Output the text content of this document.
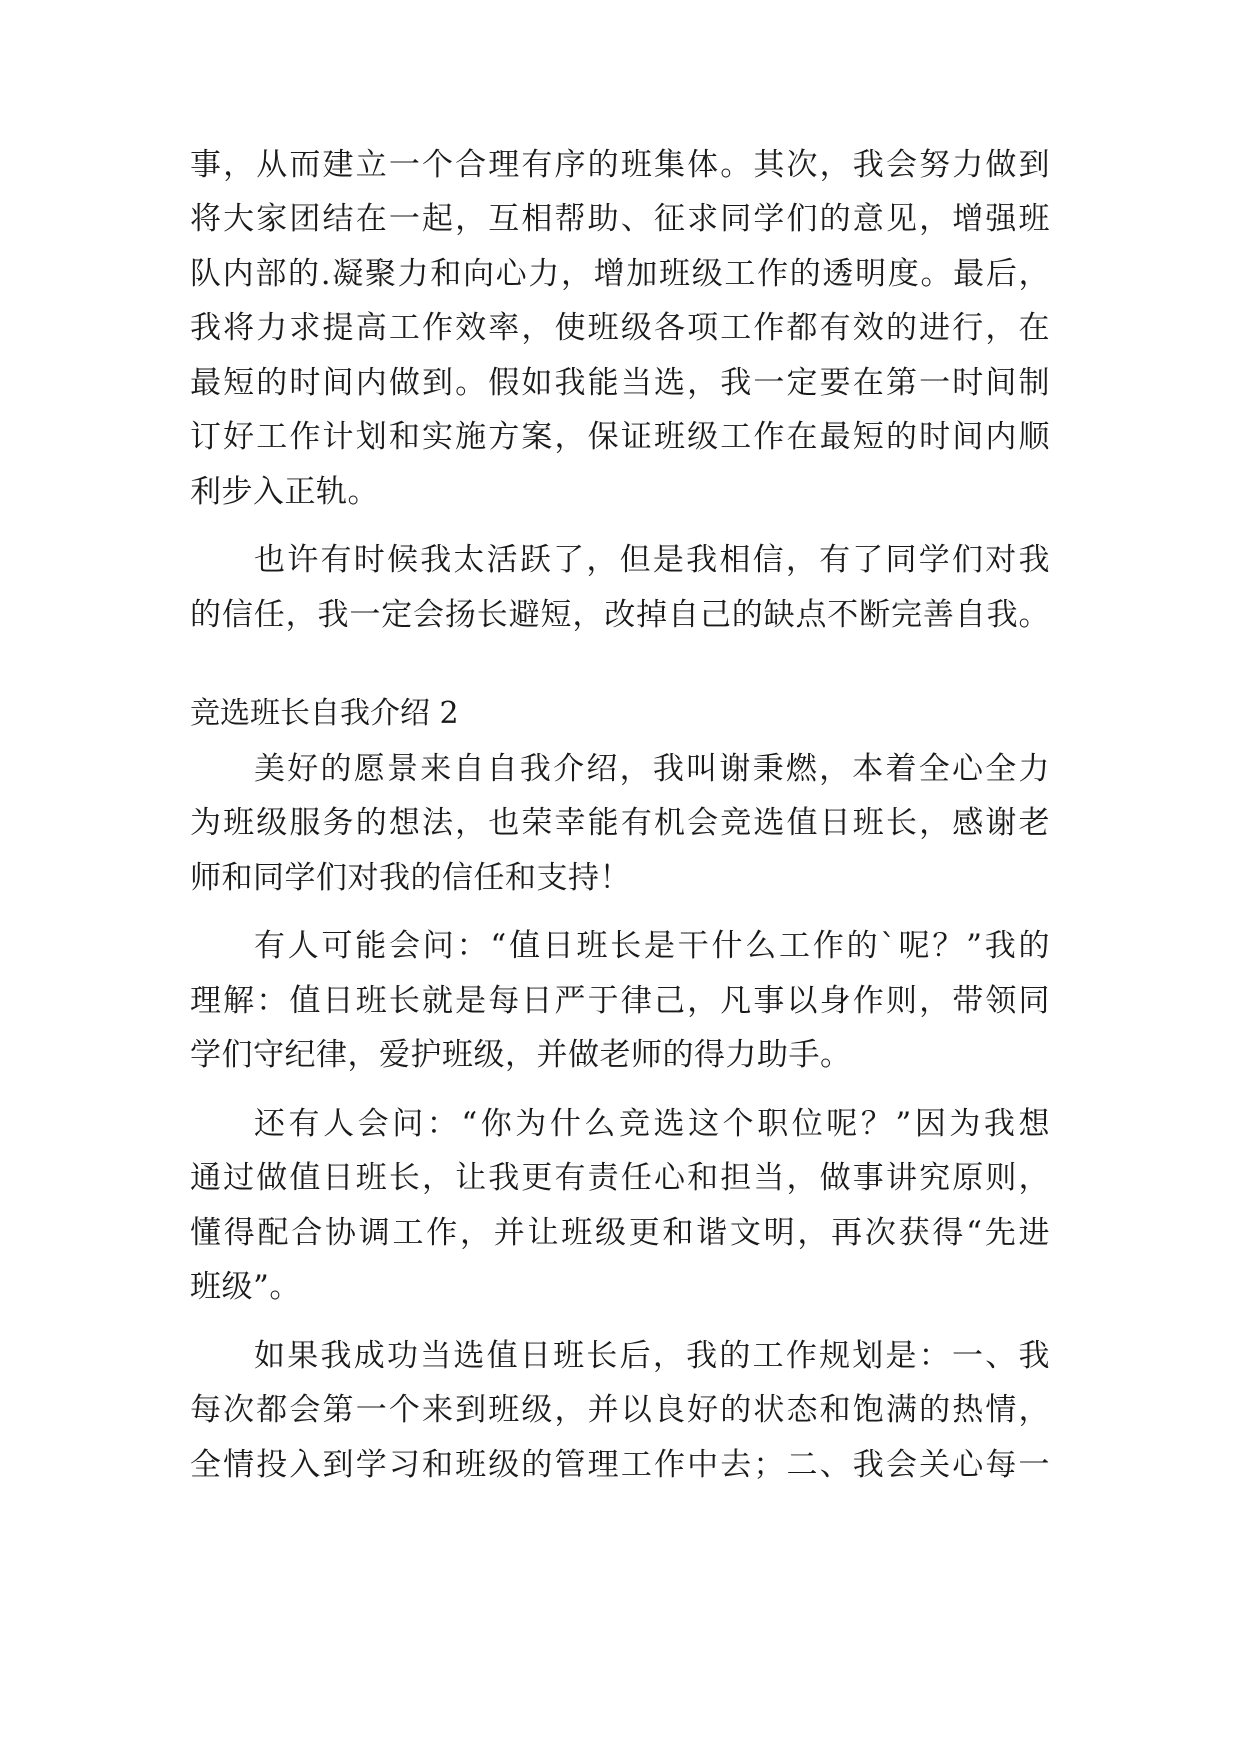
事，从而建立一个合理有序的班集体。其次，我会努力做到
将大家团结在一起，互相帮助、征求同学们的意见，增强班
队内部的.凝聚力和向心力，增加班级工作的透明度。最后，
我将力求提高工作效率，使班级各项工作都有效的进行，在
最短的时间内做到。假如我能当选，我一定要在第一时间制
订好工作计划和实施方案，保证班级工作在最短的时间内顺
利步入正轨。
也许有时候我太活跃了，但是我相信，有了同学们对我
的信任，我一定会扬长避短，改掉自己的缺点不断完善自我。
竞选班长自我介绍 2
美好的愿景来自自我介绍，我叫谢秉燃，本着全心全力
为班级服务的想法，也荣幸能有机会竞选值日班长，感谢老
师和同学们对我的信任和支持！
有人可能会问：“值日班长是干什么工作的`呢？”我的
理解：值日班长就是每日严于律己，凡事以身作则，带领同
学们守纪律，爱护班级，并做老师的得力助手。
还有人会问：“你为什么竞选这个职位呢？”因为我想
通过做值日班长，让我更有责任心和担当，做事讲究原则，
懂得配合协调工作，并让班级更和谐文明，再次获得“先进
班级”。
如果我成功当选值日班长后，我的工作规划是：一、我
每次都会第一个来到班级，并以良好的状态和饱满的热情，
全情投入到学习和班级的管理工作中去；二、我会关心每一
